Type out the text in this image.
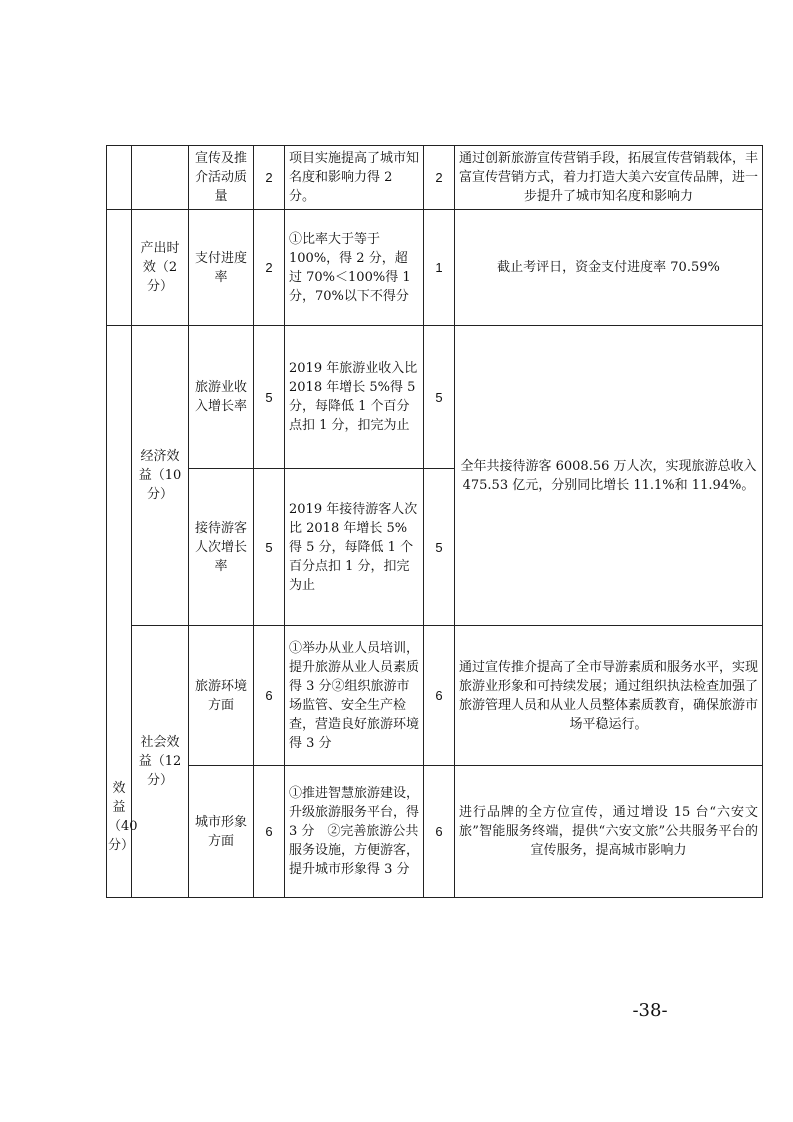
		宣传及推介活动质量	2	项目实施提高了城市知名度和影响力得 2 分。	2	通过创新旅游宣传营销手段，拓展宣传营销载体，丰富宣传营销方式，着力打造大美六安宣传品牌，进一步提升了城市知名度和影响力
	产出时效（2 分）	支付进度率	2	①比率大于等于 100%，得 2 分，超过 70%＜100%得 1 分，70%以下不得分	1	截止考评日，资金支付进度率 70.59%
效益（40分）	经济效益（10 分）	旅游业收入增长率	5	2019 年旅游业收入比 2018 年增长 5%得 5 分，每降低 1 个百分点扣 1 分，扣完为止	5	全年共接待游客 6008.56 万人次，实现旅游总收入 475.53 亿元，分别同比增长 11.1%和 11.94%。
		接待游客人次增长率	5	2019 年接待游客人次比 2018 年增长 5%得 5 分，每降低 1 个百分点扣 1 分，扣完为止	5	
	社会效益（12 分）	旅游环境方面	6	①举办从业人员培训，提升旅游从业人员素质得 3 分②组织旅游市场监管、安全生产检查，营造良好旅游环境得 3 分	6	通过宣传推介提高了全市导游素质和服务水平，实现旅游业形象和可持续发展；通过组织执法检查加强了旅游管理人员和从业人员整体素质教育，确保旅游市场平稳运行。
		城市形象方面	6	①推进智慧旅游建设，升级旅游服务平台，得 3 分　②完善旅游公共服务设施，方便游客，提升城市形象得 3 分	6	进行品牌的全方位宣传，通过增设 15 台“六安文旅”智能服务终端，提供“六安文旅”公共服务平台的宣传服务，提高城市影响力
-38-
